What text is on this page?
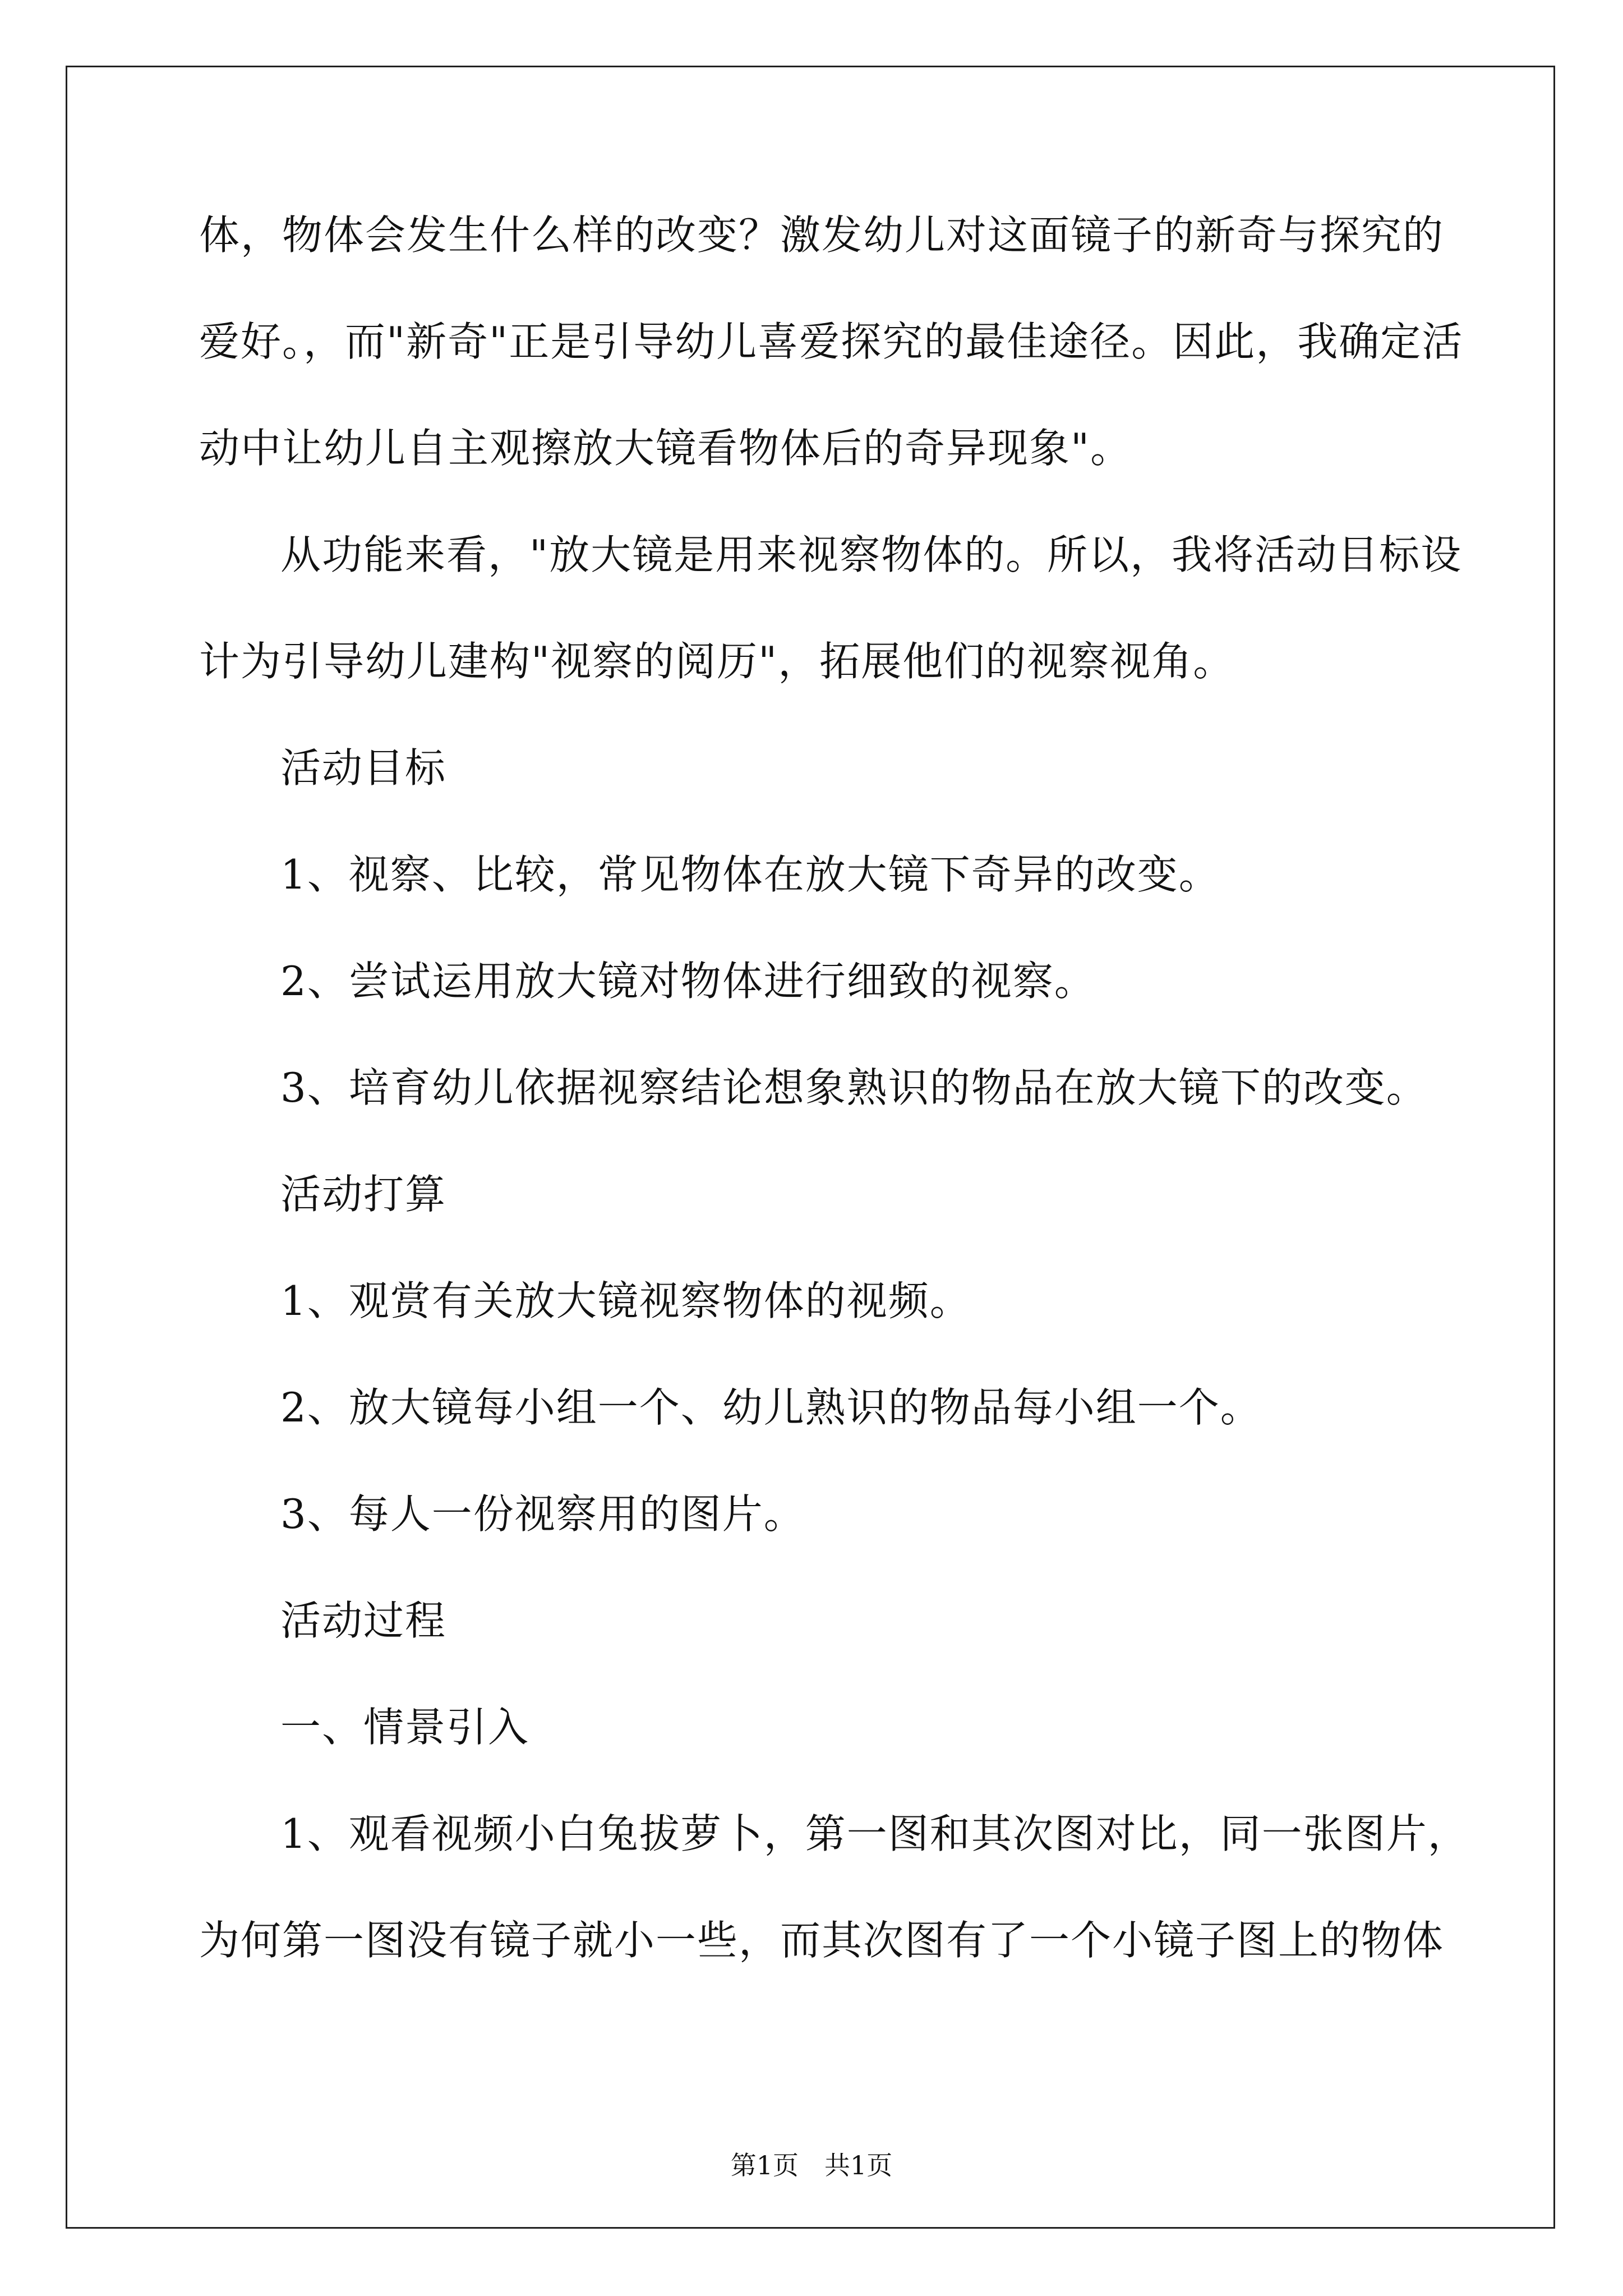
体，物体会发生什么样的改变？激发幼儿对这面镜子的新奇与探究的
爱好。，而"新奇"正是引导幼儿喜爱探究的最佳途径。因此，我确定活
动中让幼儿自主观擦放大镜看物体后的奇异现象"。
从功能来看，"放大镜是用来视察物体的。所以，我将活动目标设
计为引导幼儿建构"视察的阅历"，拓展他们的视察视角。
活动目标
1、视察、比较，常见物体在放大镜下奇异的改变。
2、尝试运用放大镜对物体进行细致的视察。
3、培育幼儿依据视察结论想象熟识的物品在放大镜下的改变。
活动打算
1、观赏有关放大镜视察物体的视频。
2、放大镜每小组一个、幼儿熟识的物品每小组一个。
3、每人一份视察用的图片。
活动过程
一、情景引入
1、观看视频小白兔拔萝卜，第一图和其次图对比，同一张图片，
为何第一图没有镜子就小一些，而其次图有了一个小镜子图上的物体
第1页　共1页
